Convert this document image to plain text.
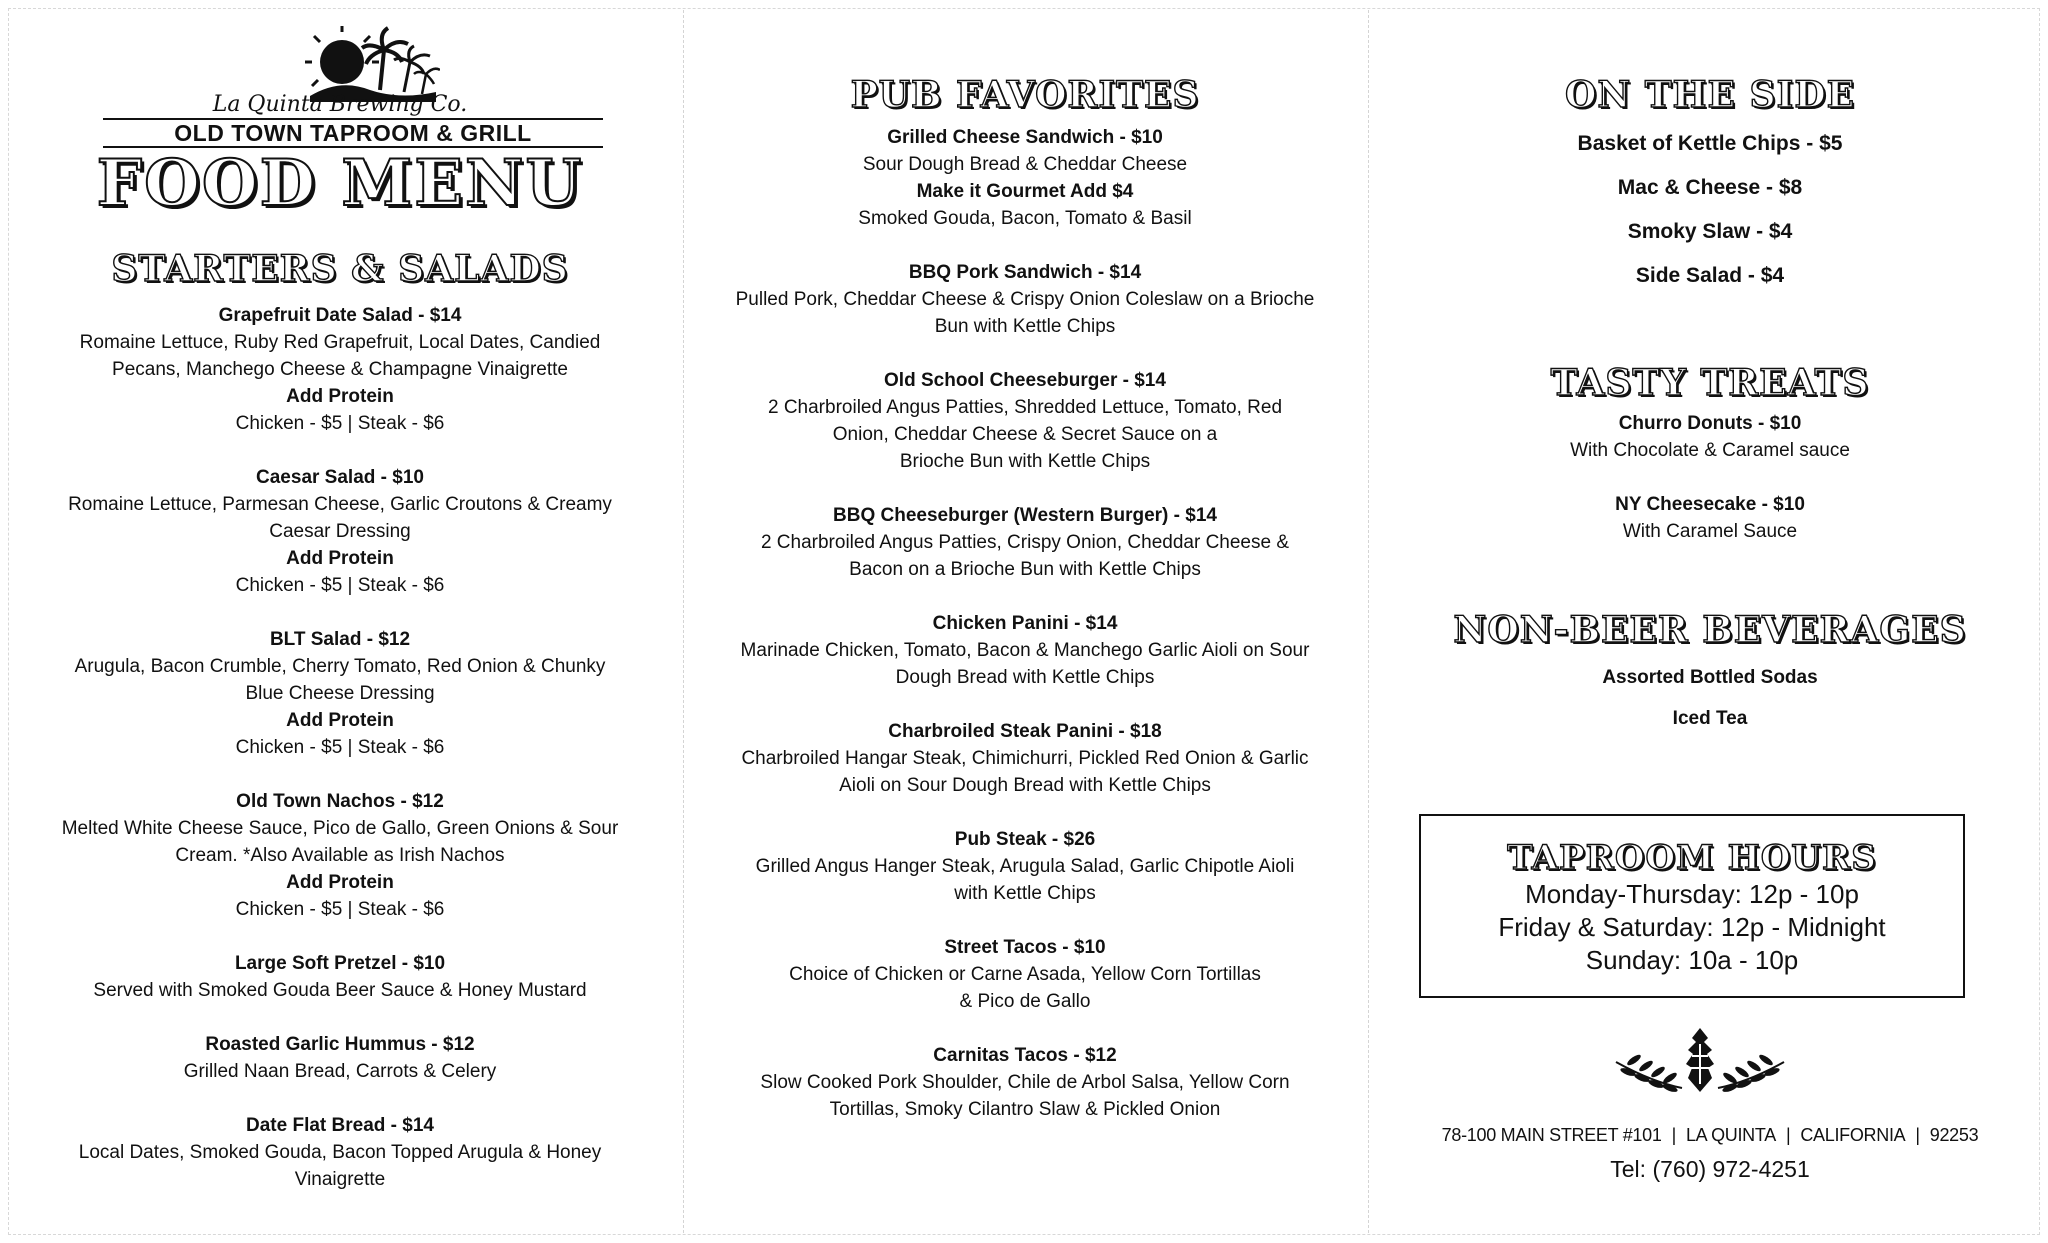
La Quinta Brewing Co.
OLD TOWN TAPROOM & GRILL
FOOD MENU
STARTERS & SALADS
Grapefruit Date Salad - $14
Romaine Lettuce, Ruby Red Grapefruit, Local Dates, Candied
Pecans, Manchego Cheese & Champagne Vinaigrette
Add Protein
Chicken - $5 | Steak - $6
Caesar Salad - $10
Romaine Lettuce, Parmesan Cheese, Garlic Croutons & Creamy
Caesar Dressing
Add Protein
Chicken - $5 | Steak - $6
BLT Salad - $12
Arugula, Bacon Crumble, Cherry Tomato, Red Onion & Chunky
Blue Cheese Dressing
Add Protein
Chicken - $5 | Steak - $6
Old Town Nachos - $12
Melted White Cheese Sauce, Pico de Gallo, Green Onions & Sour
Cream. *Also Available as Irish Nachos
Add Protein
Chicken - $5 | Steak - $6
Large Soft Pretzel - $10
Served with Smoked Gouda Beer Sauce & Honey Mustard
Roasted Garlic Hummus - $12
Grilled Naan Bread, Carrots & Celery
Date Flat Bread - $14
Local Dates, Smoked Gouda, Bacon Topped Arugula & Honey
Vinaigrette
PUB FAVORITES
Grilled Cheese Sandwich - $10
Sour Dough Bread & Cheddar Cheese
Make it Gourmet Add $4
Smoked Gouda, Bacon, Tomato & Basil
BBQ Pork Sandwich - $14
Pulled Pork, Cheddar Cheese & Crispy Onion Coleslaw on a Brioche
Bun with Kettle Chips
Old School Cheeseburger - $14
2 Charbroiled Angus Patties, Shredded Lettuce, Tomato, Red
Onion, Cheddar Cheese & Secret Sauce on a
Brioche Bun with Kettle Chips
BBQ Cheeseburger (Western Burger) - $14
2 Charbroiled Angus Patties, Crispy Onion, Cheddar Cheese &
Bacon on a Brioche Bun with Kettle Chips
Chicken Panini - $14
Marinade Chicken, Tomato, Bacon & Manchego Garlic Aioli on Sour
Dough Bread with Kettle Chips
Charbroiled Steak Panini - $18
Charbroiled Hangar Steak, Chimichurri, Pickled Red Onion & Garlic
Aioli on Sour Dough Bread with Kettle Chips
Pub Steak - $26
Grilled Angus Hanger Steak, Arugula Salad, Garlic Chipotle Aioli
with Kettle Chips
Street Tacos - $10
Choice of Chicken or Carne Asada, Yellow Corn Tortillas
& Pico de Gallo
Carnitas Tacos - $12
Slow Cooked Pork Shoulder, Chile de Arbol Salsa, Yellow Corn
Tortillas, Smoky Cilantro Slaw & Pickled Onion
ON THE SIDE
Basket of Kettle Chips - $5
Mac & Cheese - $8
Smoky Slaw - $4
Side Salad - $4
TASTY TREATS
Churro Donuts - $10
With Chocolate & Caramel sauce
NY Cheesecake - $10
With Caramel Sauce
NON-BEER BEVERAGES
Assorted Bottled Sodas
Iced Tea
TAPROOM HOURS
Monday-Thursday: 12p - 10p
Friday & Saturday: 12p - Midnight
Sunday: 10a - 10p
78-100 MAIN STREET #101 | LA QUINTA | CALIFORNIA | 92253
Tel: (760) 972-4251
